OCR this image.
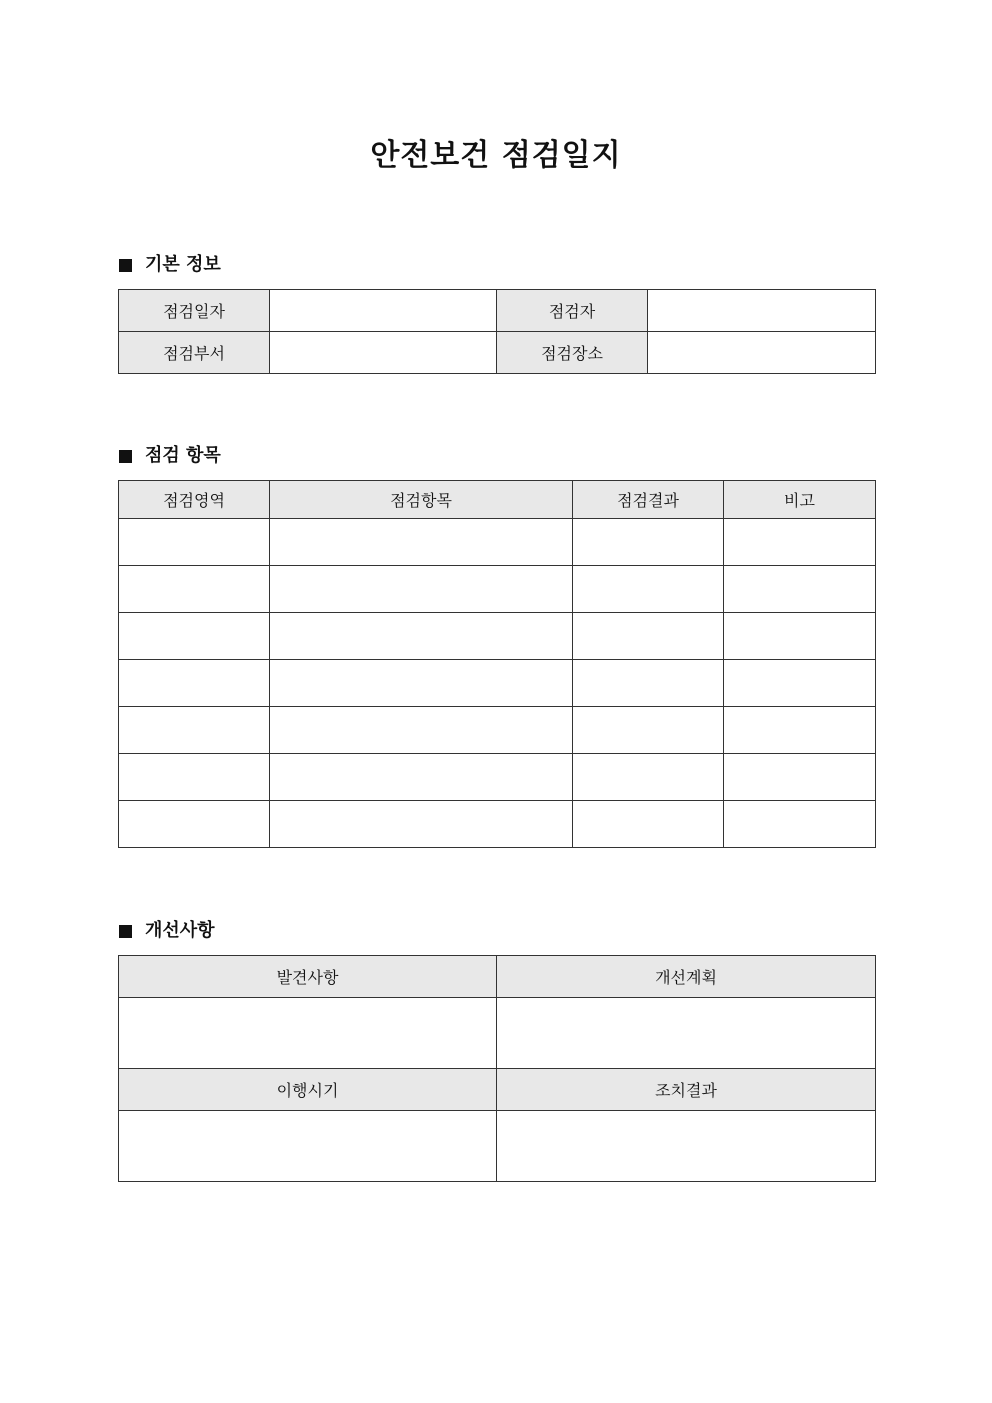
안전보건 점검일지
기본 정보
점검일자		점검자	
점검부서		점검장소	
점검 항목
점검영역	점검항목	점검결과	비고

개선사항
발견사항	개선계획

이행시기	조치결과
